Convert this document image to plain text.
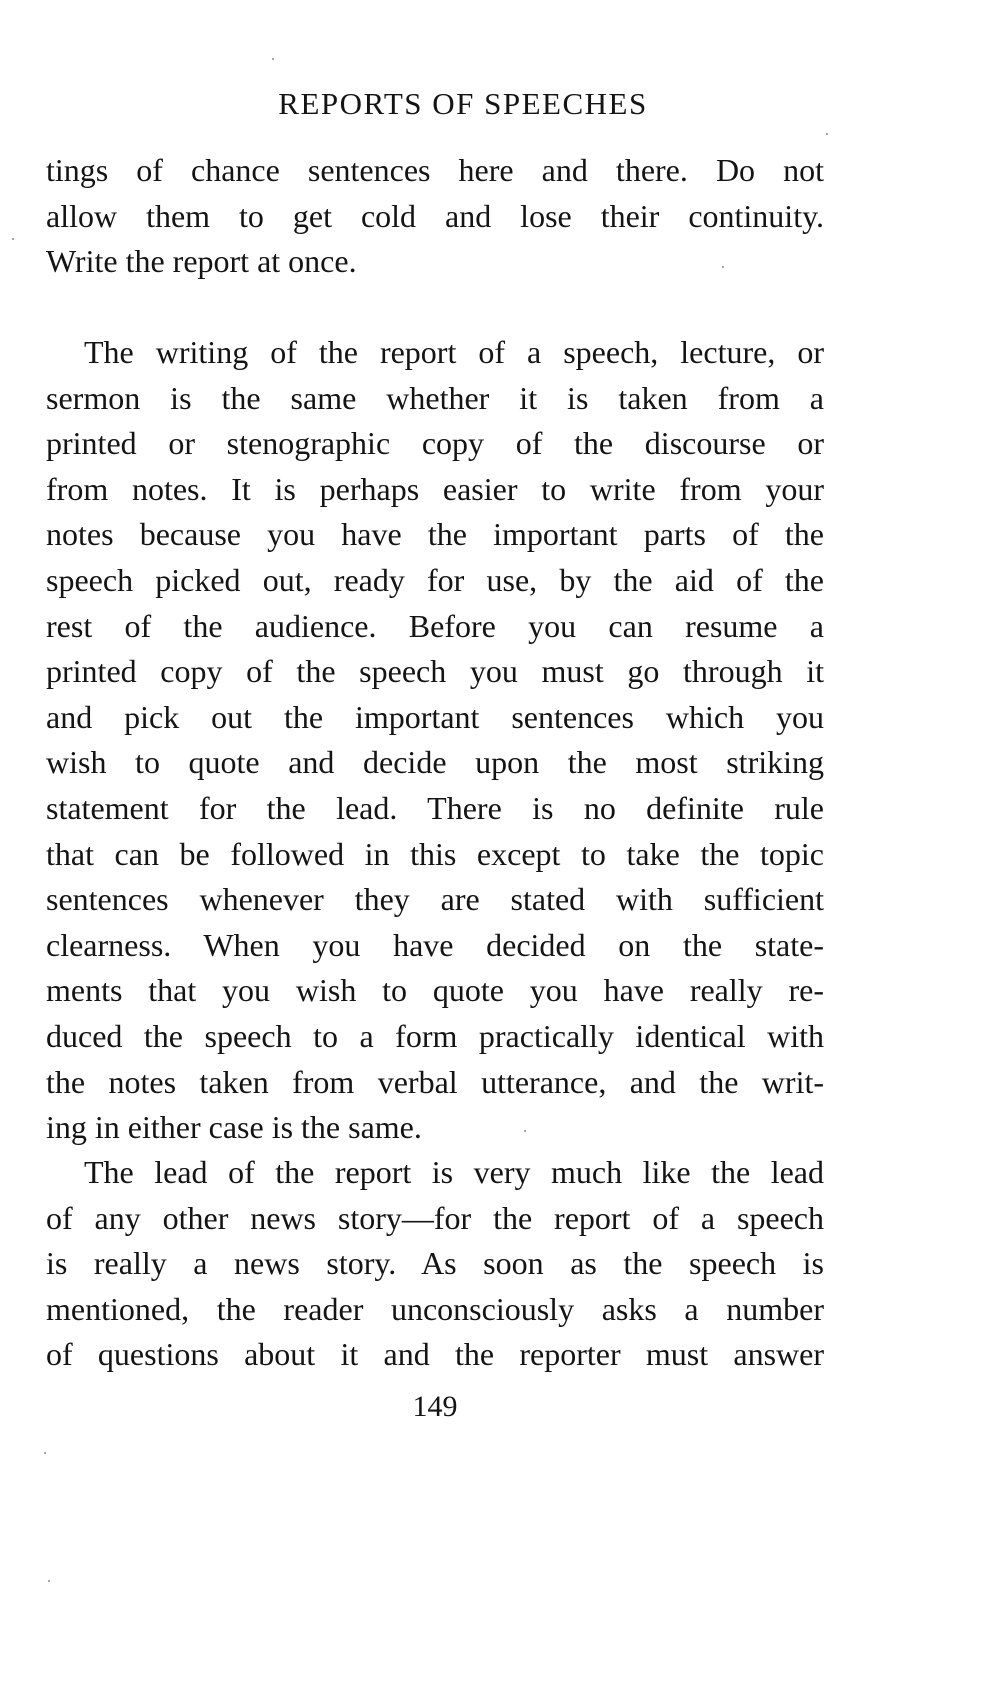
REPORTS OF SPEECHES
tings of chance sentences here and there. Do not
allow them to get cold and lose their continuity.
Write the report at once.
The writing of the report of a speech, lecture, or
sermon is the same whether it is taken from a
printed or stenographic copy of the discourse or
from notes. It is perhaps easier to write from your
notes because you have the important parts of the
speech picked out, ready for use, by the aid of the
rest of the audience. Before you can resume a
printed copy of the speech you must go through it
and pick out the important sentences which you
wish to quote and decide upon the most striking
statement for the lead. There is no definite rule
that can be followed in this except to take the topic
sentences whenever they are stated with sufficient
clearness. When you have decided on the state-
ments that you wish to quote you have really re-
duced the speech to a form practically identical with
the notes taken from verbal utterance, and the writ-
ing in either case is the same.
The lead of the report is very much like the lead
of any other news story—for the report of a speech
is really a news story. As soon as the speech is
mentioned, the reader unconsciously asks a number
of questions about it and the reporter must answer
149
